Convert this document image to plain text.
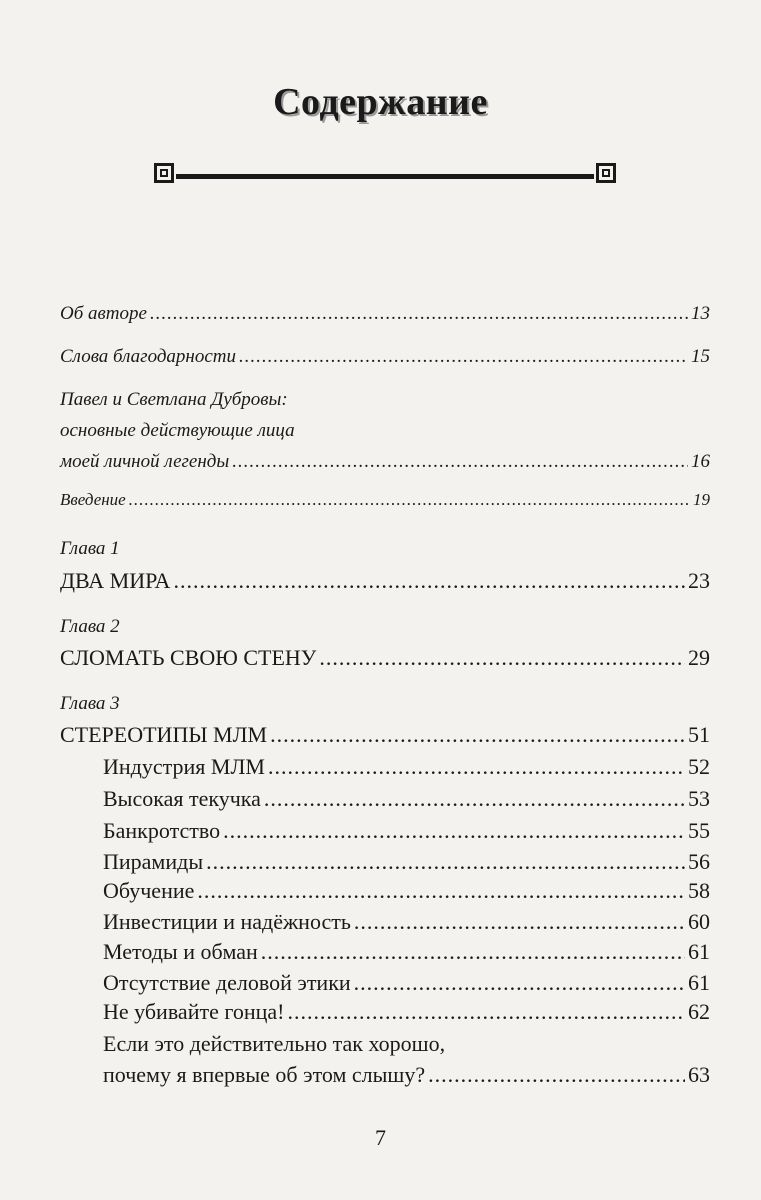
Содержание
Об авторе .....	13
Слова благодарности .....	15
Павел и Светлана Дубровы:
основные действующие лица
моей личной легенды .....	16
Введение .....	19
Глава 1
ДВА МИРА .....	23
Глава 2
СЛОМАТЬ СВОЮ СТЕНУ .....	29
Глава 3
СТЕРЕОТИПЫ МЛМ .....	51
Индустрия МЛМ .....	52
Высокая текучка .....	53
Банкротство .....	55
Пирамиды .....	56
Обучение .....	58
Инвестиции и надёжность .....	60
Методы и обман .....	61
Отсутствие деловой этики .....	61
Не убивайте гонца! .....	62
Если это действительно так хорошо,
почему я впервые об этом слышу? .....	63
7
